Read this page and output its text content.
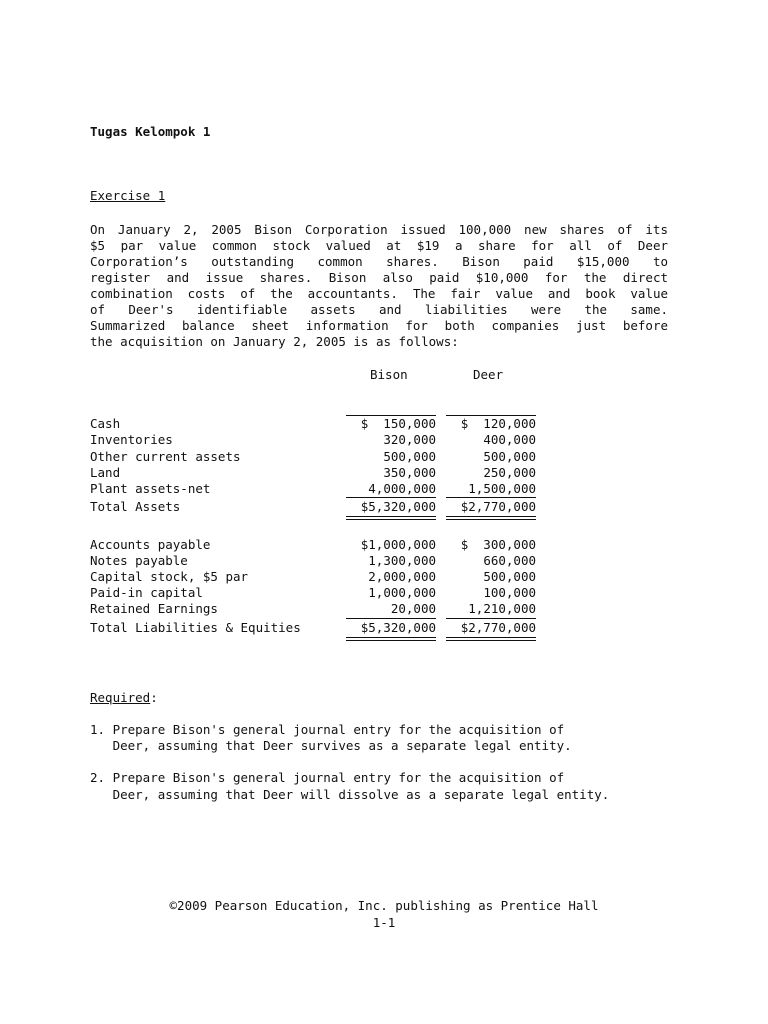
Tugas Kelompok 1
Exercise 1
On January 2, 2005 Bison Corporation issued 100,000 new shares of its
$5 par value common stock valued at $19 a share for all of Deer
Corporation’s outstanding common shares. Bison paid $15,000 to
register and issue shares. Bison also paid $10,000 for the direct
combination costs of the accountants. The fair value and book value
of Deer's identifiable assets and liabilities were the same.
Summarized balance sheet information for both companies just before
the acquisition on January 2, 2005 is as follows:
Bison	Deer
Cash	$  150,000	$  120,000
Inventories	320,000	400,000
Other current assets	500,000	500,000
Land	350,000	250,000
Plant assets-net	4,000,000	1,500,000
Total Assets	$5,320,000	$2,770,000
Accounts payable	$1,000,000	$  300,000
Notes payable	1,300,000	660,000
Capital stock, $5 par	2,000,000	500,000
Paid-in capital	1,000,000	100,000
Retained Earnings	20,000	1,210,000
Total Liabilities & Equities	$5,320,000	$2,770,000
Required:
1. Prepare Bison's general journal entry for the acquisition of
Deer, assuming that Deer survives as a separate legal entity.
2. Prepare Bison's general journal entry for the acquisition of
Deer, assuming that Deer will dissolve as a separate legal entity.
©2009 Pearson Education, Inc. publishing as Prentice Hall
1-1
